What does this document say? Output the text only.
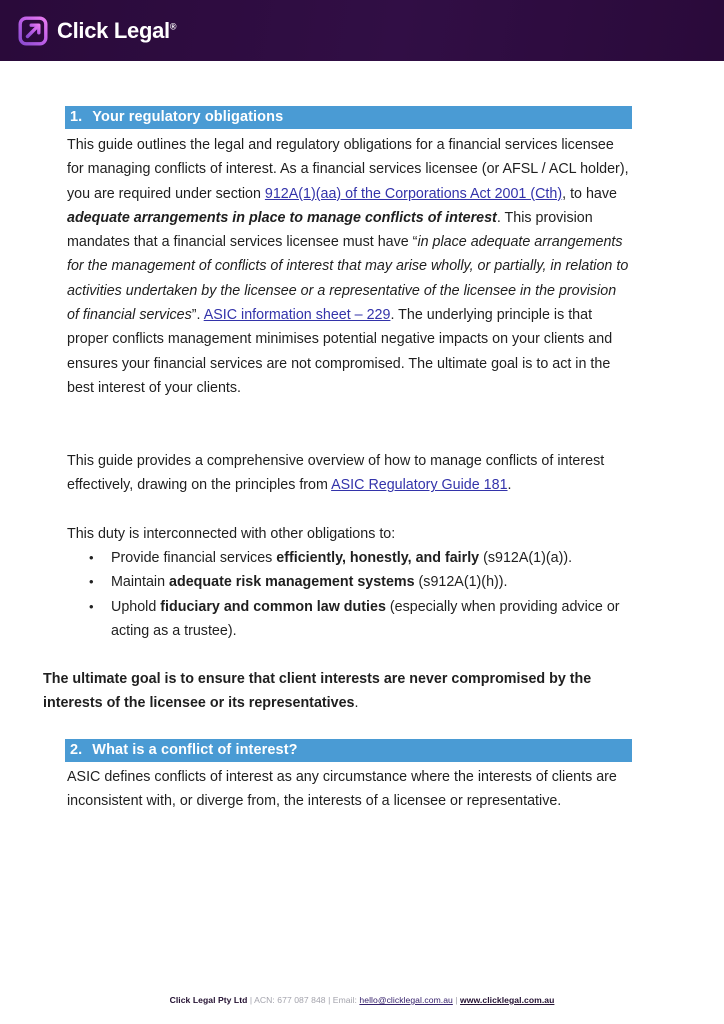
Click Legal®
1. Your regulatory obligations
This guide outlines the legal and regulatory obligations for a financial services licensee for managing conflicts of interest. As a financial services licensee (or AFSL / ACL holder), you are required under section 912A(1)(aa) of the Corporations Act 2001 (Cth), to have adequate arrangements in place to manage conflicts of interest. This provision mandates that a financial services licensee must have “in place adequate arrangements for the management of conflicts of interest that may arise wholly, or partially, in relation to activities undertaken by the licensee or a representative of the licensee in the provision of financial services”. ASIC information sheet – 229. The underlying principle is that proper conflicts management minimises potential negative impacts on your clients and ensures your financial services are not compromised. The ultimate goal is to act in the best interest of your clients.
This guide provides a comprehensive overview of how to manage conflicts of interest effectively, drawing on the principles from ASIC Regulatory Guide 181.
This duty is interconnected with other obligations to:
• Provide financial services efficiently, honestly, and fairly (s912A(1)(a)).
• Maintain adequate risk management systems (s912A(1)(h)).
• Uphold fiduciary and common law duties (especially when providing advice or acting as a trustee).
The ultimate goal is to ensure that client interests are never compromised by the interests of the licensee or its representatives.
2. What is a conflict of interest?
ASIC defines conflicts of interest as any circumstance where the interests of clients are inconsistent with, or diverge from, the interests of a licensee or representative.
Click Legal Pty Ltd | ACN: 677 087 848 | Email: hello@clicklegal.com.au | www.clicklegal.com.au
